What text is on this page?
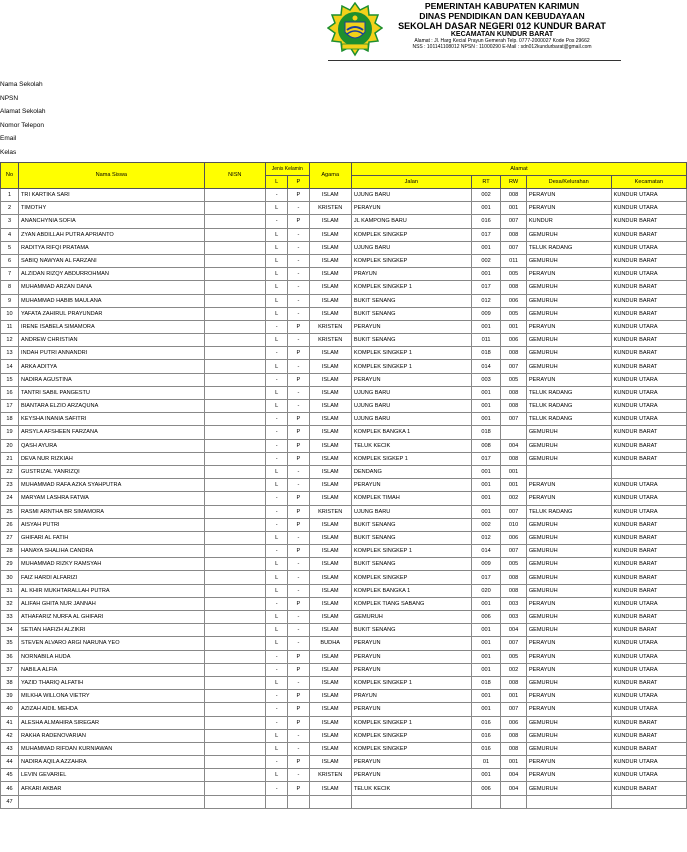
PEMERINTAH KABUPATEN KARIMUN
DINAS PENDIDIKAN DAN KEBUDAYAAN
SEKOLAH DASAR NEGERI 012 KUNDUR BARAT
KECAMATAN KUNDUR BARAT
Alamat : Jl. Harg Kecial Prayun Gemerah Telp. 0777-2000027 Kode Pos 29662
NSS : 101141108012 NPSN : 11000290 E-Mail : sdn012kundurbarat@gmail.com
Nama Sekolah
NPSN
Alamat Sekolah
Nomor Telepon
Email
Kelas
No	Nama Siswa	NISN	Jenis Kelamin		Agama	Alamat				
			L	P		Jalan	RT	RW	Desa/Kelurahan	Kecamatan
1	TRI KARTIKA SARI		-	P	ISLAM	UJUNG BARU	002	008	PERAYUN	KUNDUR UTARA
2	TIMOTHY		L	-	KRISTEN	PERAYUN	001	001	PERAYUN	KUNDUR UTARA
3	ANANCHYNIA SOFIA		-	P	ISLAM	JL KAMPONG BARU	016	007	KUNDUR	KUNDUR BARAT
4	ZYAN ABDILLAH PUTRA APRIANTO		L	-	ISLAM	KOMPLEK SINGKEP	017	008	GEMURUH	KUNDUR BARAT
5	RADITYA RIFQI PRATAMA		L	-	ISLAM	UJUNG BARU	001	007	TELUK RADANG	KUNDUR UTARA
6	SABIQ NAWYAN AL FARZANI		L	-	ISLAM	KOMPLEK SINGKEP	002	011	GEMURUH	KUNDUR BARAT
7	ALZIDAN RIZQY ABDURROHMAN		L	-	ISLAM	PRAYUN	001	005	PERAYUN	KUNDUR UTARA
8	MUHAMMAD ARZAN DANA		L	-	ISLAM	KOMPLEK SINGKEP 1	017	008	GEMURUH	KUNDUR BARAT
9	MUHAMMAD HABIB MAULANA		L	-	ISLAM	BUKIT SENANG	012	006	GEMURUH	KUNDUR BARAT
10	YAFATA ZAHIRUL PRAYUNDAR		L	-	ISLAM	BUKIT SENANG	009	005	GEMURUH	KUNDUR BARAT
11	IRENE ISABELA SIMAMORA		-	P	KRISTEN	PERAYUN	001	001	PERAYUN	KUNDUR UTARA
12	ANDREW CHRISTIAN		L	-	KRISTEN	BUKIT SENANG	011	006	GEMURUH	KUNDUR BARAT
13	INDAH PUTRI ANNANDRI		-	P	ISLAM	KOMPLEK SINGKEP 1	018	008	GEMURUH	KUNDUR BARAT
14	ARKA ADITYA		L	-	ISLAM	KOMPLEK SINGKEP 1	014	007	GEMURUH	KUNDUR BARAT
15	NADIRA AGUSTINA		-	P	ISLAM	PERAYUN	003	005	PERAYUN	KUNDUR UTARA
16	TANTRI SABIL PANGESTU		L	-	ISLAM	UJUNG BARU	001	008	TELUK RADANG	KUNDUR UTARA
17	BIANTARA ELZIO ARZAQUNA		L	-	ISLAM	UJUNG BARU	001	008	TELUK RADANG	KUNDUR UTARA
18	KEYSHA INANIA SAFITRI		-	P	ISLAM	UJUNG BARU	001	007	TELUK RADANG	KUNDUR UTARA
19	ARSYLA AFSHEEN FARZANA		-	P	ISLAM	KOMPLEK BANGKA 1	018		GEMURUH	KUNDUR BARAT
20	QASH AYURA		-	P	ISLAM	TELUK KECIK	008	004	GEMURUH	KUNDUR BARAT
21	DEVA NUR RIZKIAH		-	P	ISLAM	KOMPLEK SIGKEP 1	017	008	GEMURUH	KUNDUR BARAT
22	GUSTRIZAL YANRIZQI		L	-	ISLAM	DENDANG	001	001		
23	MUHAMMAD RAFA AZKA SYAHPUTRA		L	-	ISLAM	PERAYUN	001	001	PERAYUN	KUNDUR UTARA
24	MARYAM LASHRA FATWA		-	P	ISLAM	KOMPLEK TIMAH	001	002	PERAYUN	KUNDUR UTARA
25	RASMI ARNTHA BR SIMAMORA		-	P	KRISTEN	UJUNG BARU	001	007	TELUK RADANG	KUNDUR UTARA
26	AISYAH PUTRI		-	P	ISLAM	BUKIT SENANG	002	010	GEMURUH	KUNDUR BARAT
27	GHIFARI AL FATIH		L	-	ISLAM	BUKIT SENANG	012	006	GEMURUH	KUNDUR BARAT
28	HANAYA SHALIHA CANDRA		-	P	ISLAM	KOMPLEK SINGKEP 1	014	007	GEMURUH	KUNDUR BARAT
29	MUHAMMAD RIZKY RAMSYAH		L	-	ISLAM	BUKIT SENANG	009	005	GEMURUH	KUNDUR BARAT
30	FAIZ HARDI ALFARIZI		L	-	ISLAM	KOMPLEK SINGKEP	017	008	GEMURUH	KUNDUR BARAT
31	AL KHIR MUKHTARALLAH PUTRA		L	-	ISLAM	KOMPLEK BANGKA 1	020	008	GEMURUH	KUNDUR BARAT
32	ALIFAH GHITA NUR JANNAH		-	P	ISLAM	KOMPLEK TIANG SABANG	001	003	PERAYUN	KUNDUR UTARA
33	ATHAFARIZ NURFA AL GHIFARI		L	-	ISLAM	GEMURUH	006	003	GEMURUH	KUNDUR BARAT
34	SETIAN HAFIZH ALZIKRI		L	-	ISLAM	BUKIT SENANG	001	004	GEMURUH	KUNDUR BARAT
35	STEVEN ALVARO ARGI NARUNA YEO		L	-	BUDHA	PERAYUN	001	007	PERAYUN	KUNDUR UTARA
36	NORNABILA HUDA		-	P	ISLAM	PERAYUN	001	005	PERAYUN	KUNDUR UTARA
37	NABILA ALFIA		-	P	ISLAM	PERAYUN	001	002	PERAYUN	KUNDUR UTARA
38	YAZID THARIQ ALFATIH		L	-	ISLAM	KOMPLEK SINGKEP 1	018	008	GEMURUH	KUNDUR BARAT
39	MILKHA WILLONA VIETRY		-	P	ISLAM	PRAYUN	001	001	PERAYUN	KUNDUR UTARA
40	AZIZAH AIDIL MEHDA		-	P	ISLAM	PERAYUN	001	007	PERAYUN	KUNDUR UTARA
41	ALESHA ALMAHIRA SIREGAR		-	P	ISLAM	KOMPLEK SINGKEP 1	016	006	GEMURUH	KUNDUR BARAT
42	RAKHA RADENOVARIAN		L	-	ISLAM	KOMPLEK SINGKEP	016	008	GEMURUH	KUNDUR BARAT
43	MUHAMMAD RIFDAN KURNIAWAN		L	-	ISLAM	KOMPLEK SINGKEP	016	008	GEMURUH	KUNDUR BARAT
44	NADIRA AQILA AZZAHRA		-	P	ISLAM	PERAYUN	01	001	PERAYUN	KUNDUR UTARA
45	LEVIN GEVARIEL		L	-	KRISTEN	PERAYUN	001	004	PERAYUN	KUNDUR UTARA
46	AFKARI AKBAR		-	P	ISLAM	TELUK KECIK	006	004	GEMURUH	KUNDUR BARAT
47										
